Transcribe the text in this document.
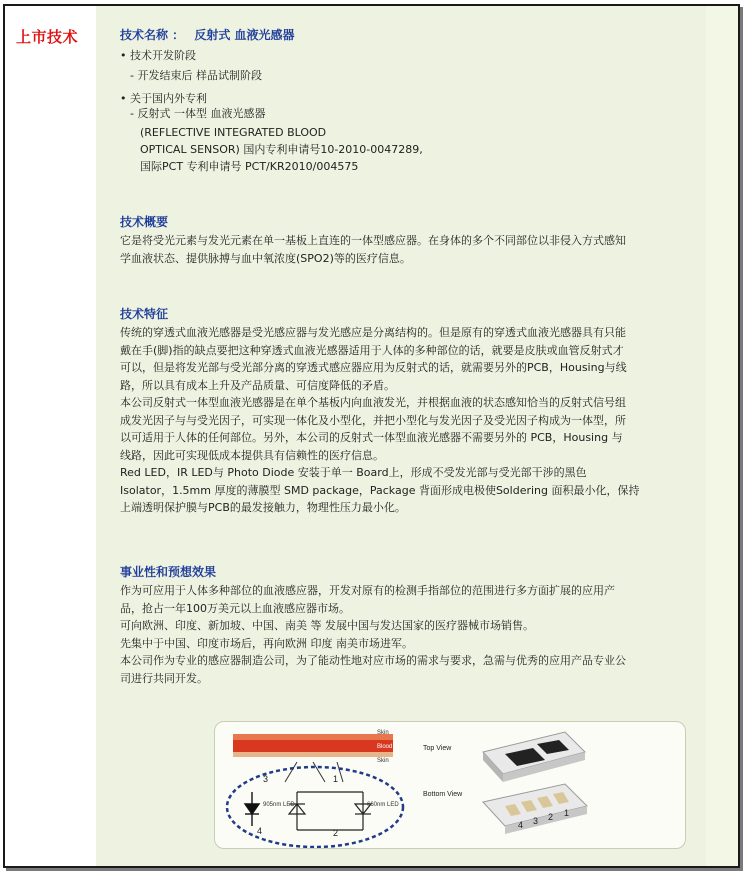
上市技术	技术名称 ： 反射式 血液光感器
• 技术开发阶段
- 开发结束后 样品试制阶段
• 关于国内外专利
- 反射式 一体型 血液光感器
(REFLECTIVE INTEGRATED BLOOD
OPTICAL SENSOR) 国内专利申请号10-2010-0047289,
国际PCT 专利申请号 PCT/KR2010/004575
技术概要
它是将受光元素与发光元素在单一基板上直连的一体型感应器。在身体的多个不同部位以非侵入方式感知
学血液状态、提供脉搏与血中氧浓度(SPO2)等的医疗信息。
技术特征
传统的穿透式血液光感器是受光感应器与发光感应是分离结构的。但是原有的穿透式血液光感器具有只能
戴在手(脚)指的缺点要把这种穿透式血液光感器适用于人体的多种部位的话，就要是皮肤或血管反射式才
可以，但是将发光部与受光部分离的穿透式感应器应用为反射式的话，就需要另外的PCB，Housing与线
路，所以具有成本上升及产品质量、可信度降低的矛盾。
本公司反射式一体型血液光感器是在单个基板内向血液发光，并根据血液的状态感知恰当的反射式信号组
成发光因子与与受光因子，可实现一体化及小型化，并把小型化与发光因子及受光因子构成为一体型，所
以可适用于人体的任何部位。另外，本公司的反射式一体型血液光感器不需要另外的 PCB，Housing 与
线路，因此可实现低成本提供具有信赖性的医疗信息。
Red LED，IR LED与 Photo Diode 安装于单一 Board上，形成不受发光部与受光部干涉的黑色
Isolator，1.5mm 厚度的薄膜型 SMD package，Package 背面形成电极使Soldering 面积最小化，保持
上端透明保护膜与PCB的最发接触力，物理性压力最小化。
事业性和预想效果
作为可应用于人体多种部位的血液感应器，开发对原有的检测手指部位的范围进行多方面扩展的应用产
品，抢占一年100万美元以上血液感应器市场。
可向欧洲、印度、新加坡、中国、南美 等 发展中国与发达国家的医疗器械市场销售。
先集中于中国、印度市场后，再向欧洲 印度 南美市场进军。
本公司作为专业的感应器制造公司，为了能动性地对应市场的需求与要求，急需与优秀的应用产品专业公
司进行共同开发。
Skin
Blood
Skin
905nm LED	660nm LED
3	1
2
4
Top View
Bottom View
4 3 2 1
